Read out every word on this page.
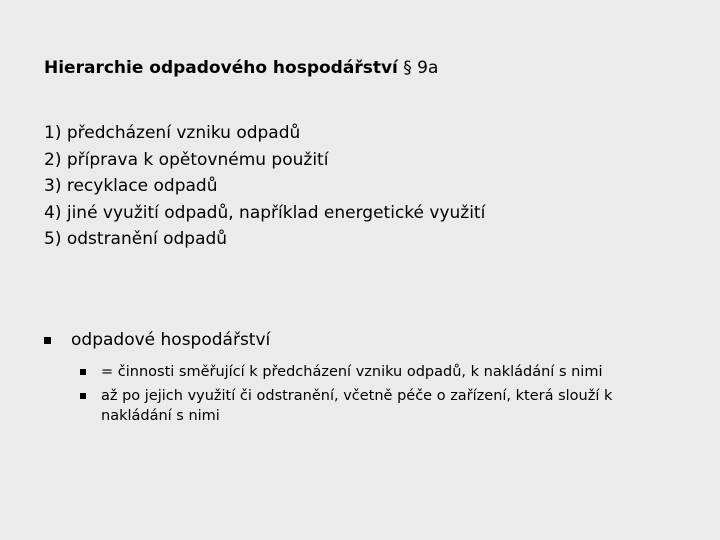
Hierarchie odpadového hospodářství § 9a
1) předcházení vzniku odpadů
2) příprava k opětovnému použití
3) recyklace odpadů
4) jiné využití odpadů, například energetické využití
5) odstranění odpadů
odpadové hospodářství
= činnosti směřující k předcházení vzniku odpadů, k nakládání s nimi
až po jejich využití či odstranění, včetně péče o zařízení, která slouží k nakládání s nimi
